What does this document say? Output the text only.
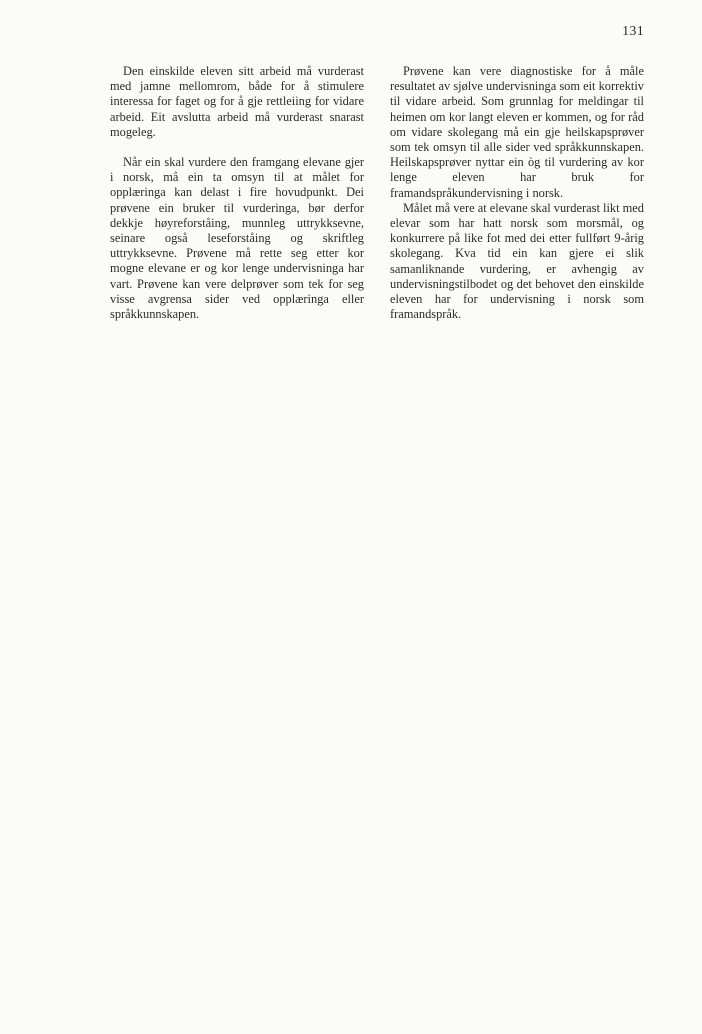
131

Den einskilde eleven sitt arbeid må vurderast med jamne mellomrom, både for å stimulere interessa for faget og for å gje rettleiing for vidare arbeid. Eit avslutta arbeid må vurderast snarast mogeleg.

Når ein skal vurdere den framgang elevane gjer i norsk, må ein ta omsyn til at målet for opplæringa kan delast i fire hovudpunkt. Dei prøvene ein bruker til vurderinga, bør derfor dekkje høyreforståing, munnleg uttrykksevne, seinare også leseforståing og skriftleg uttrykksevne. Prøvene må rette seg etter kor mogne elevane er og kor lenge undervisninga har vart. Prøvene kan vere delprøver som tek for seg visse avgrensa sider ved opplæringa eller språkkunnskapen.

Prøvene kan vere diagnostiske for å måle resultatet av sjølve undervisninga som eit korrektiv til vidare arbeid. Som grunnlag for meldingar til heimen om kor langt eleven er kommen, og for råd om vidare skolegang må ein gje heilskapsprøver som tek omsyn til alle sider ved språkkunnskapen. Heilskapsprøver nyttar ein òg til vurdering av kor lenge eleven har bruk for framandspråkundervisning i norsk.

Målet må vere at elevane skal vurderast likt med elevar som har hatt norsk som morsmål, og konkurrere på like fot med dei etter fullført 9-årig skolegang. Kva tid ein kan gjere ei slik samanliknande vurdering, er avhengig av undervisningstilbodet og det behovet den einskilde eleven har for undervisning i norsk som framandspråk.
